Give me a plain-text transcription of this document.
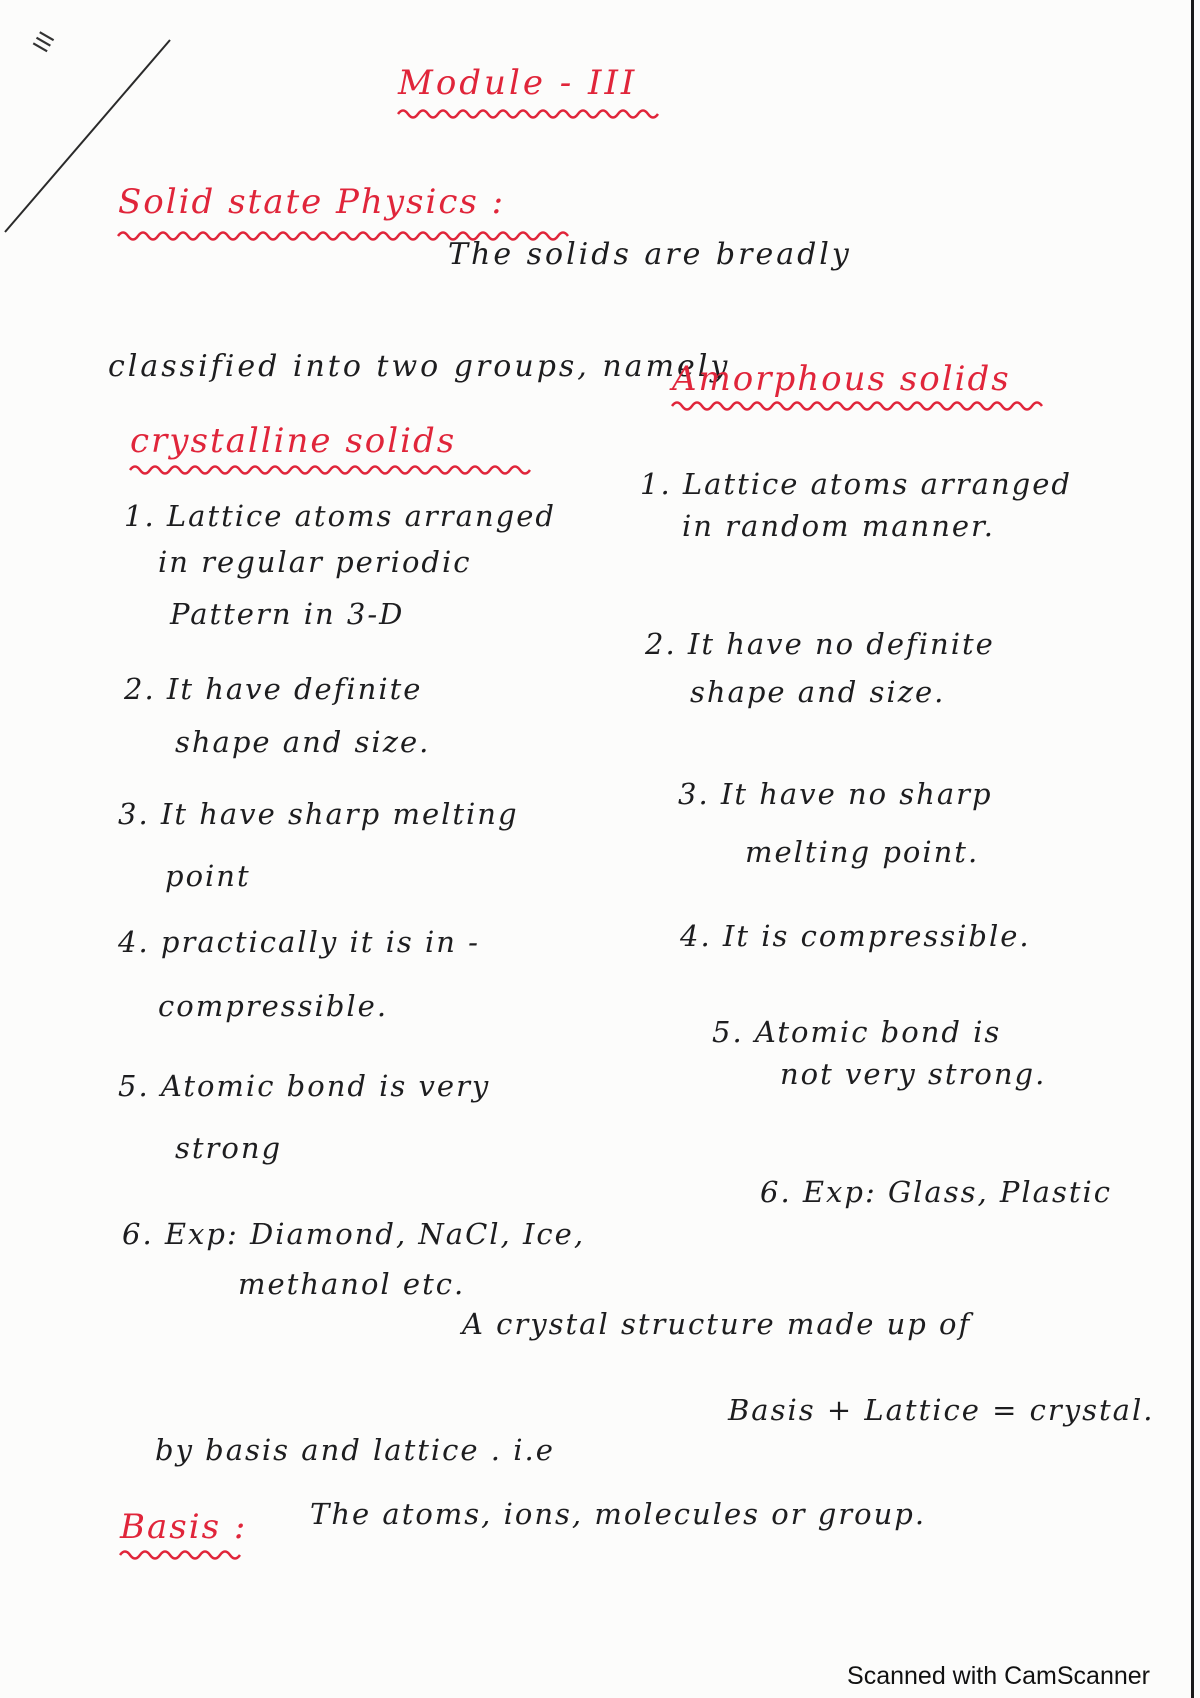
III
Module - III
Solid state Physics :
The solids are breadly
classified into two groups, namely
Amorphous solids
crystalline solids
1. Lattice atoms arranged
in regular periodic
Pattern in 3-D
2. It have definite
shape and size.
3. It have sharp melting
point
4. practically it is in -
compressible.
5. Atomic bond is very
strong
6. Exp: Diamond, NaCl, Ice,
methanol etc.
1. Lattice atoms arranged
in random manner.
2. It have no definite
shape and size.
3. It have no sharp
melting point.
4. It is compressible.
5. Atomic bond is
not very strong.
6. Exp: Glass, Plastic
A crystal structure made up of
by basis and lattice . i.e
Basis + Lattice = crystal.
Basis : The atoms, ions, molecules or group.
Scanned with CamScanner
